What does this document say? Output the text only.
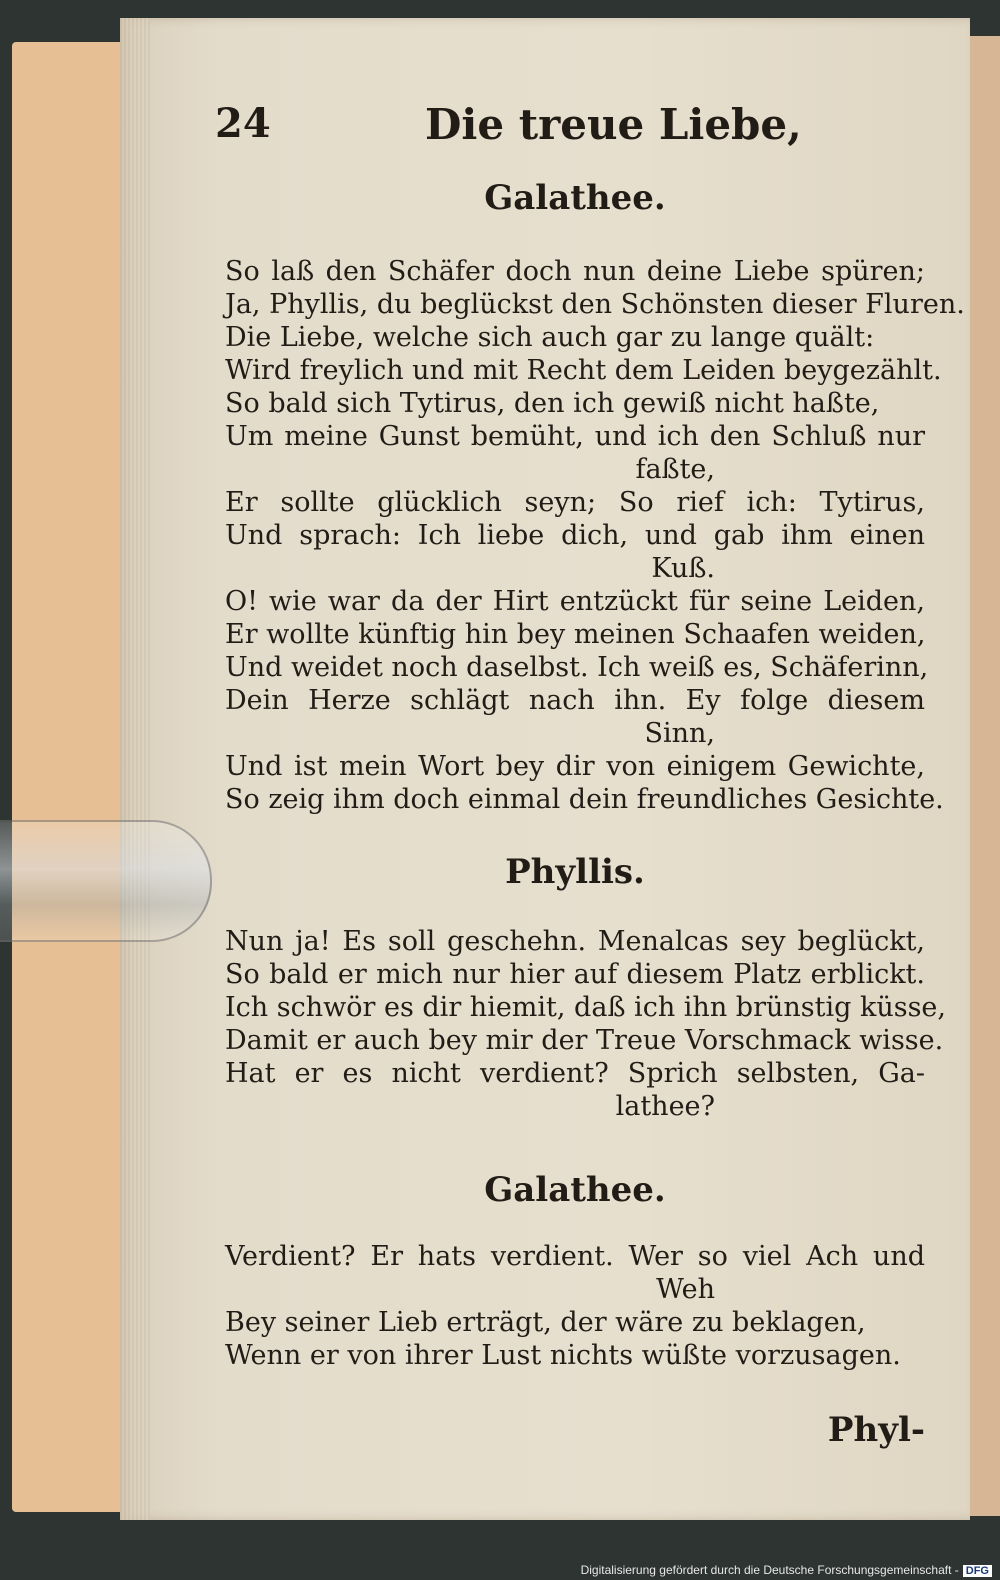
24	Die treue Liebe,
Galathee.
So laß den Schäfer doch nun deine Liebe spüren;
Ja, Phyllis, du beglückst den Schönsten dieser Fluren.
Die Liebe, welche sich auch gar zu lange quält:
Wird freylich und mit Recht dem Leiden beygezählt.
So bald sich Tytirus, den ich gewiß nicht haßte,
Um meine Gunst bemüht, und ich den Schluß nur
faßte,
Er sollte glücklich seyn; So rief ich: Tytirus,
Und sprach: Ich liebe dich, und gab ihm einen
Kuß.
O! wie war da der Hirt entzückt für seine Leiden,
Er wollte künftig hin bey meinen Schaafen weiden,
Und weidet noch daselbst. Ich weiß es, Schäferinn,
Dein Herze schlägt nach ihn. Ey folge diesem
Sinn,
Und ist mein Wort bey dir von einigem Gewichte,
So zeig ihm doch einmal dein freundliches Gesichte.
Phyllis.
Nun ja! Es soll geschehn. Menalcas sey beglückt,
So bald er mich nur hier auf diesem Platz erblickt.
Ich schwör es dir hiemit, daß ich ihn brünstig küsse,
Damit er auch bey mir der Treue Vorschmack wisse.
Hat er es nicht verdient? Sprich selbsten, Ga-
lathee?
Galathee.
Verdient? Er hats verdient. Wer so viel Ach und
Weh
Bey seiner Lieb erträgt, der wäre zu beklagen,
Wenn er von ihrer Lust nichts wüßte vorzusagen.
Phyl-
Digitalisierung gefördert durch die Deutsche Forschungsgemeinschaft - DFG
